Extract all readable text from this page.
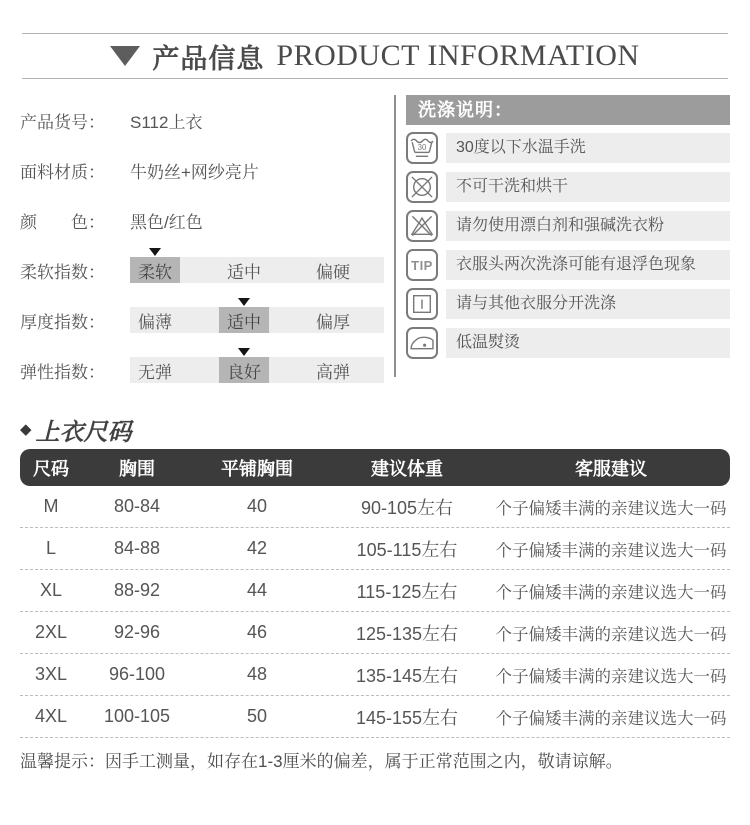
产品信息 PRODUCT INFORMATION
产品货号：	S112上衣
面料材质：	牛奶丝+网纱亮片
颜　　色：	黑色/红色
柔软指数：	柔软	适中	偏硬
厚度指数：	偏薄	适中	偏厚
弹性指数：	无弹	良好	高弹
洗涤说明：
30	30度以下水温手洗
不可干洗和烘干
请勿使用漂白剂和强碱洗衣粉
TIP	衣服头两次洗涤可能有退浮色现象
请与其他衣服分开洗涤
低温熨烫
◆ 上衣尺码
尺码	胸围	平铺胸围	建议体重	客服建议
M	80-84	40	90-105左右	个子偏矮丰满的亲建议选大一码
L	84-88	42	105-115左右	个子偏矮丰满的亲建议选大一码
XL	88-92	44	115-125左右	个子偏矮丰满的亲建议选大一码
2XL	92-96	46	125-135左右	个子偏矮丰满的亲建议选大一码
3XL	96-100	48	135-145左右	个子偏矮丰满的亲建议选大一码
4XL	100-105	50	145-155左右	个子偏矮丰满的亲建议选大一码
温馨提示：因手工测量，如存在1-3厘米的偏差，属于正常范围之内，敬请谅解。
